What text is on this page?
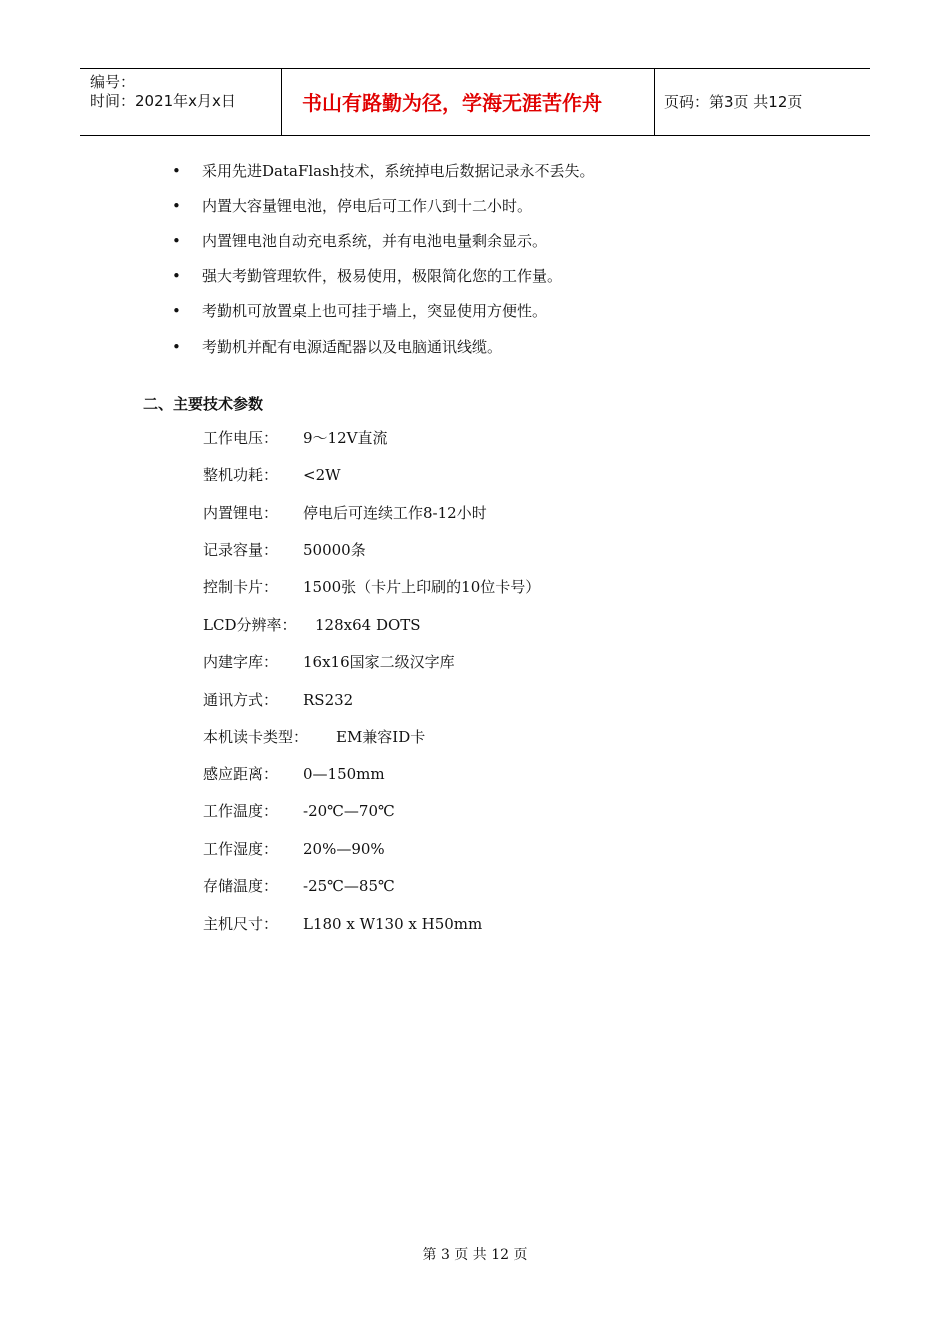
编号：
时间：2021年x月x日	书山有路勤为径，学海无涯苦作舟	页码：第3页 共12页
• 采用先进DataFlash技术，系统掉电后数据记录永不丢失。
• 内置大容量锂电池，停电后可工作八到十二小时。
• 内置锂电池自动充电系统，并有电池电量剩余显示。
• 强大考勤管理软件，极易使用，极限简化您的工作量。
• 考勤机可放置桌上也可挂于墙上，突显使用方便性。
• 考勤机并配有电源适配器以及电脑通讯线缆。
二、主要技术参数
工作电压： 9～12V直流
整机功耗： <2W
内置锂电： 停电后可连续工作8-12小时
记录容量： 50000条
控制卡片： 1500张（卡片上印刷的10位卡号）
LCD分辨率： 128x64 DOTS
内建字库： 16x16国家二级汉字库
通讯方式： RS232
本机读卡类型： EM兼容ID卡
感应距离： 0—150mm
工作温度： -20℃—70℃
工作湿度： 20%—90%
存储温度： -25℃—85℃
主机尺寸： L180 x W130 x H50mm
第 3 页 共 12 页
